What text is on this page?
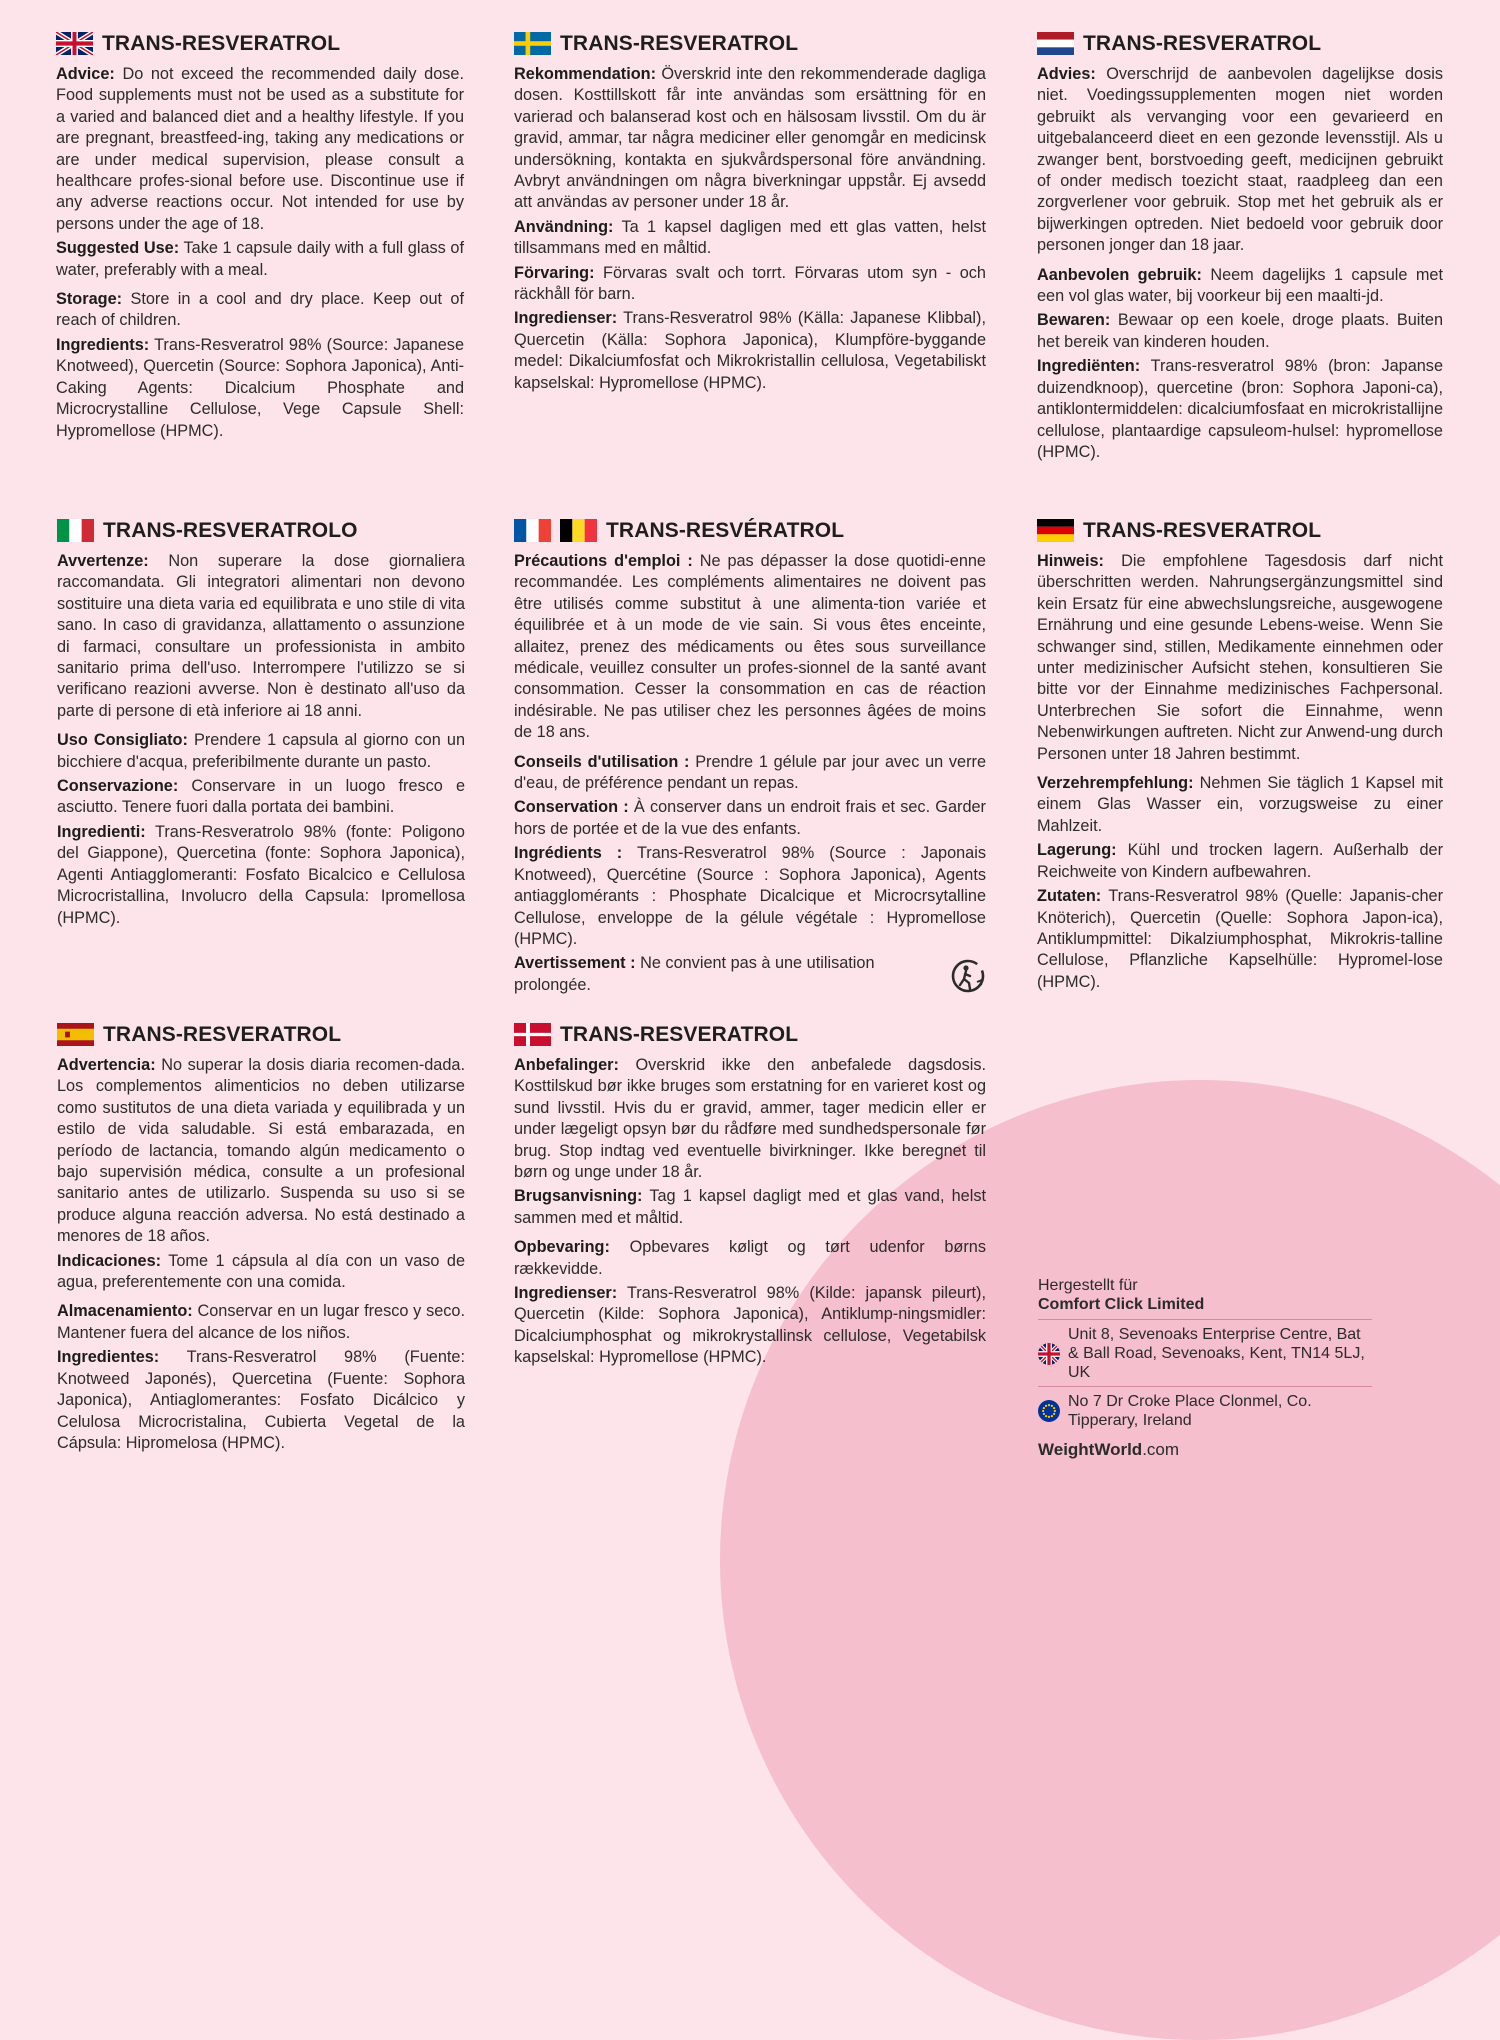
TRANS-RESVERATROL

Advice: Do not exceed the recommended daily dose. Food supplements must not be used as a substitute for a varied and balanced diet and a healthy lifestyle. If you are pregnant, breastfeed-ing, taking any medications or are under medical supervision, please consult a healthcare profes-sional before use. Discontinue use if any adverse reactions occur. Not intended for use by persons under the age of 18.

Suggested Use: Take 1 capsule daily with a full glass of water, preferably with a meal.

Storage: Store in a cool and dry place. Keep out of reach of children.

Ingredients: Trans-Resveratrol 98% (Source: Japanese Knotweed), Quercetin (Source: Sophora Japonica), Anti-Caking Agents: Dicalcium Phosphate and Microcrystalline Cellulose, Vege Capsule Shell: Hypromellose (HPMC).

TRANS-RESVERATROL

Rekommendation: Överskrid inte den rekommenderade dagliga dosen. Kosttillskott får inte användas som ersättning för en varierad och balanserad kost och en hälsosam livsstil. Om du är gravid, ammar, tar några mediciner eller genomgår en medicinsk undersökning, kontakta en sjukvårdspersonal före användning. Avbryt användningen om några biverkningar uppstår. Ej avsedd att användas av personer under 18 år.

Användning: Ta 1 kapsel dagligen med ett glas vatten, helst tillsammans med en måltid.

Förvaring: Förvaras svalt och torrt. Förvaras utom syn - och räckhåll för barn.

Ingredienser: Trans-Resveratrol 98% (Källa: Japanese Klibbal), Quercetin (Källa: Sophora Japonica), Klumpföre-byggande medel: Dikalciumfosfat och Mikrokristallin cellulosa, Vegetabiliskt kapselskal: Hypromellose (HPMC).

TRANS-RESVERATROL

Advies: Overschrijd de aanbevolen dagelijkse dosis niet. Voedingssupplementen mogen niet worden gebruikt als vervanging voor een gevarieerd en uitgebalanceerd dieet en een gezonde levensstijl. Als u zwanger bent, borstvoeding geeft, medicijnen gebruikt of onder medisch toezicht staat, raadpleeg dan een zorgverlener voor gebruik. Stop met het gebruik als er bijwerkingen optreden. Niet bedoeld voor gebruik door personen jonger dan 18 jaar.

Aanbevolen gebruik: Neem dagelijks 1 capsule met een vol glas water, bij voorkeur bij een maalti-jd.

Bewaren: Bewaar op een koele, droge plaats. Buiten het bereik van kinderen houden.

Ingrediënten: Trans-resveratrol 98% (bron: Japanse duizendknoop), quercetine (bron: Sophora Japoni-ca), antiklontermiddelen: dicalciumfosfaat en microkristallijne cellulose, plantaardige capsuleom-hulsel: hypromellose (HPMC).

TRANS-RESVERATROLO

Avvertenze: Non superare la dose giornaliera raccomandata. Gli integratori alimentari non devono sostituire una dieta varia ed equilibrata e uno stile di vita sano. In caso di gravidanza, allattamento o assunzione di farmaci, consultare un professionista in ambito sanitario prima dell'uso. Interrompere l'utilizzo se si verificano reazioni avverse. Non è destinato all'uso da parte di persone di età inferiore ai 18 anni.

Uso Consigliato: Prendere 1 capsula al giorno con un bicchiere d'acqua, preferibilmente durante un pasto.

Conservazione: Conservare in un luogo fresco e asciutto. Tenere fuori dalla portata dei bambini.

Ingredienti: Trans-Resveratrolo 98% (fonte: Poligono del Giappone), Quercetina (fonte: Sophora Japonica), Agenti Antiagglomeranti: Fosfato Bicalcico e Cellulosa Microcristallina, Involucro della Capsula: Ipromellosa (HPMC).

TRANS-RESVÉRATROL

Précautions d'emploi : Ne pas dépasser la dose quotidi-enne recommandée. Les compléments alimentaires ne doivent pas être utilisés comme substitut à une alimenta-tion variée et équilibrée et à un mode de vie sain. Si vous êtes enceinte, allaitez, prenez des médicaments ou êtes sous surveillance médicale, veuillez consulter un profes-sionnel de la santé avant consommation. Cesser la consommation en cas de réaction indésirable. Ne pas utiliser chez les personnes âgées de moins de 18 ans.

Conseils d'utilisation : Prendre 1 gélule par jour avec un verre d'eau, de préférence pendant un repas.

Conservation : À conserver dans un endroit frais et sec. Garder hors de portée et de la vue des enfants.

Ingrédients : Trans-Resveratrol 98% (Source : Japonais Knotweed), Quercétine (Source : Sophora Japonica), Agents antiagglomérants : Phosphate Dicalcique et Microcrsytalline Cellulose, enveloppe de la gélule végétale : Hypromellose (HPMC).

Avertissement : Ne convient pas à une utilisation prolongée.

TRANS-RESVERATROL

Hinweis: Die empfohlene Tagesdosis darf nicht überschritten werden. Nahrungsergänzungsmittel sind kein Ersatz für eine abwechslungsreiche, ausgewogene Ernährung und eine gesunde Lebens-weise. Wenn Sie schwanger sind, stillen, Medikamente einnehmen oder unter medizinischer Aufsicht stehen, konsultieren Sie bitte vor der Einnahme medizinisches Fachpersonal. Unterbrechen Sie sofort die Einnahme, wenn Nebenwirkungen auftreten. Nicht zur Anwend-ung durch Personen unter 18 Jahren bestimmt.

Verzehrempfehlung: Nehmen Sie täglich 1 Kapsel mit einem Glas Wasser ein, vorzugsweise zu einer Mahlzeit.

Lagerung: Kühl und trocken lagern. Außerhalb der Reichweite von Kindern aufbewahren.

Zutaten: Trans-Resveratrol 98% (Quelle: Japanis-cher Knöterich), Quercetin (Quelle: Sophora Japon-ica), Antiklumpmittel: Dikalziumphosphat, Mikrokris-talline Cellulose, Pflanzliche Kapselhülle: Hypromel-lose (HPMC).

TRANS-RESVERATROL

Advertencia: No superar la dosis diaria recomen-dada. Los complementos alimenticios no deben utilizarse como sustitutos de una dieta variada y equilibrada y un estilo de vida saludable. Si está embarazada, en período de lactancia, tomando algún medicamento o bajo supervisión médica, consulte a un profesional sanitario antes de utilizarlo. Suspenda su uso si se produce alguna reacción adversa. No está destinado a menores de 18 años.

Indicaciones: Tome 1 cápsula al día con un vaso de agua, preferentemente con una comida.

Almacenamiento: Conservar en un lugar fresco y seco. Mantener fuera del alcance de los niños.

Ingredientes: Trans-Resveratrol 98% (Fuente: Knotweed Japonés), Quercetina (Fuente: Sophora Japonica), Antiaglomerantes: Fosfato Dicálcico y Celulosa Microcristalina, Cubierta Vegetal de la Cápsula: Hipromelosa (HPMC).

TRANS-RESVERATROL

Anbefalinger: Overskrid ikke den anbefalede dagsdosis. Kosttilskud bør ikke bruges som erstatning for en varieret kost og sund livsstil. Hvis du er gravid, ammer, tager medicin eller er under lægeligt opsyn bør du rådføre med sundhedspersonale før brug. Stop indtag ved eventuelle bivirkninger. Ikke beregnet til børn og unge under 18 år.

Brugsanvisning: Tag 1 kapsel dagligt med et glas vand, helst sammen med et måltid.

Opbevaring: Opbevares køligt og tørt udenfor børns rækkevidde.

Ingredienser: Trans-Resveratrol 98% (Kilde: japansk pileurt), Quercetin (Kilde: Sophora Japonica), Antiklump-ningsmidler: Dicalciumphosphat og mikrokrystallinsk cellulose, Vegetabilsk kapselskal: Hypromellose (HPMC).

Hergestellt für

Comfort Click Limited

Unit 8, Sevenoaks Enterprise Centre, Bat & Ball Road, Sevenoaks, Kent, TN14 5LJ, UK
No 7 Dr Croke Place Clonmel, Co. Tipperary, Ireland
WeightWorld.com
